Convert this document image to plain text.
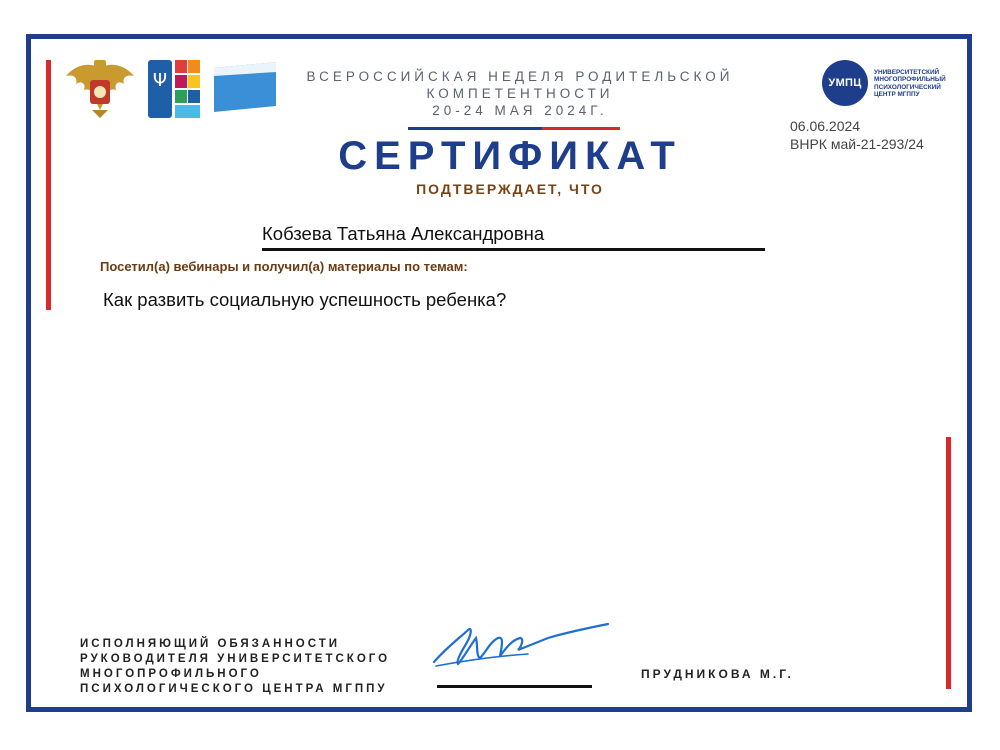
Ψ	УМПЦ
УНИВЕРСИТЕТСКИЙ МНОГОПРОФИЛЬНЫЙ ПСИХОЛОГИЧЕСКИЙ ЦЕНТР МГППУ
ВСЕРОССИЙСКАЯ НЕДЕЛЯ РОДИТЕЛЬСКОЙ
КОМПЕТЕНТНОСТИ
20-24 МАЯ 2024Г.
06.06.2024
ВНРК май-21-293/24
СЕРТИФИКАТ
ПОДТВЕРЖДАЕТ, ЧТО
Кобзева Татьяна Александровна
Посетил(а) вебинары и получил(а) материалы по темам:
Как развить социальную успешность ребенка?
ИСПОЛНЯЮЩИЙ ОБЯЗАННОСТИ
РУКОВОДИТЕЛЯ УНИВЕРСИТЕТСКОГО
МНОГОПРОФИЛЬНОГО
ПСИХОЛОГИЧЕСКОГО ЦЕНТРА МГППУ
ПРУДНИКОВА М.Г.
